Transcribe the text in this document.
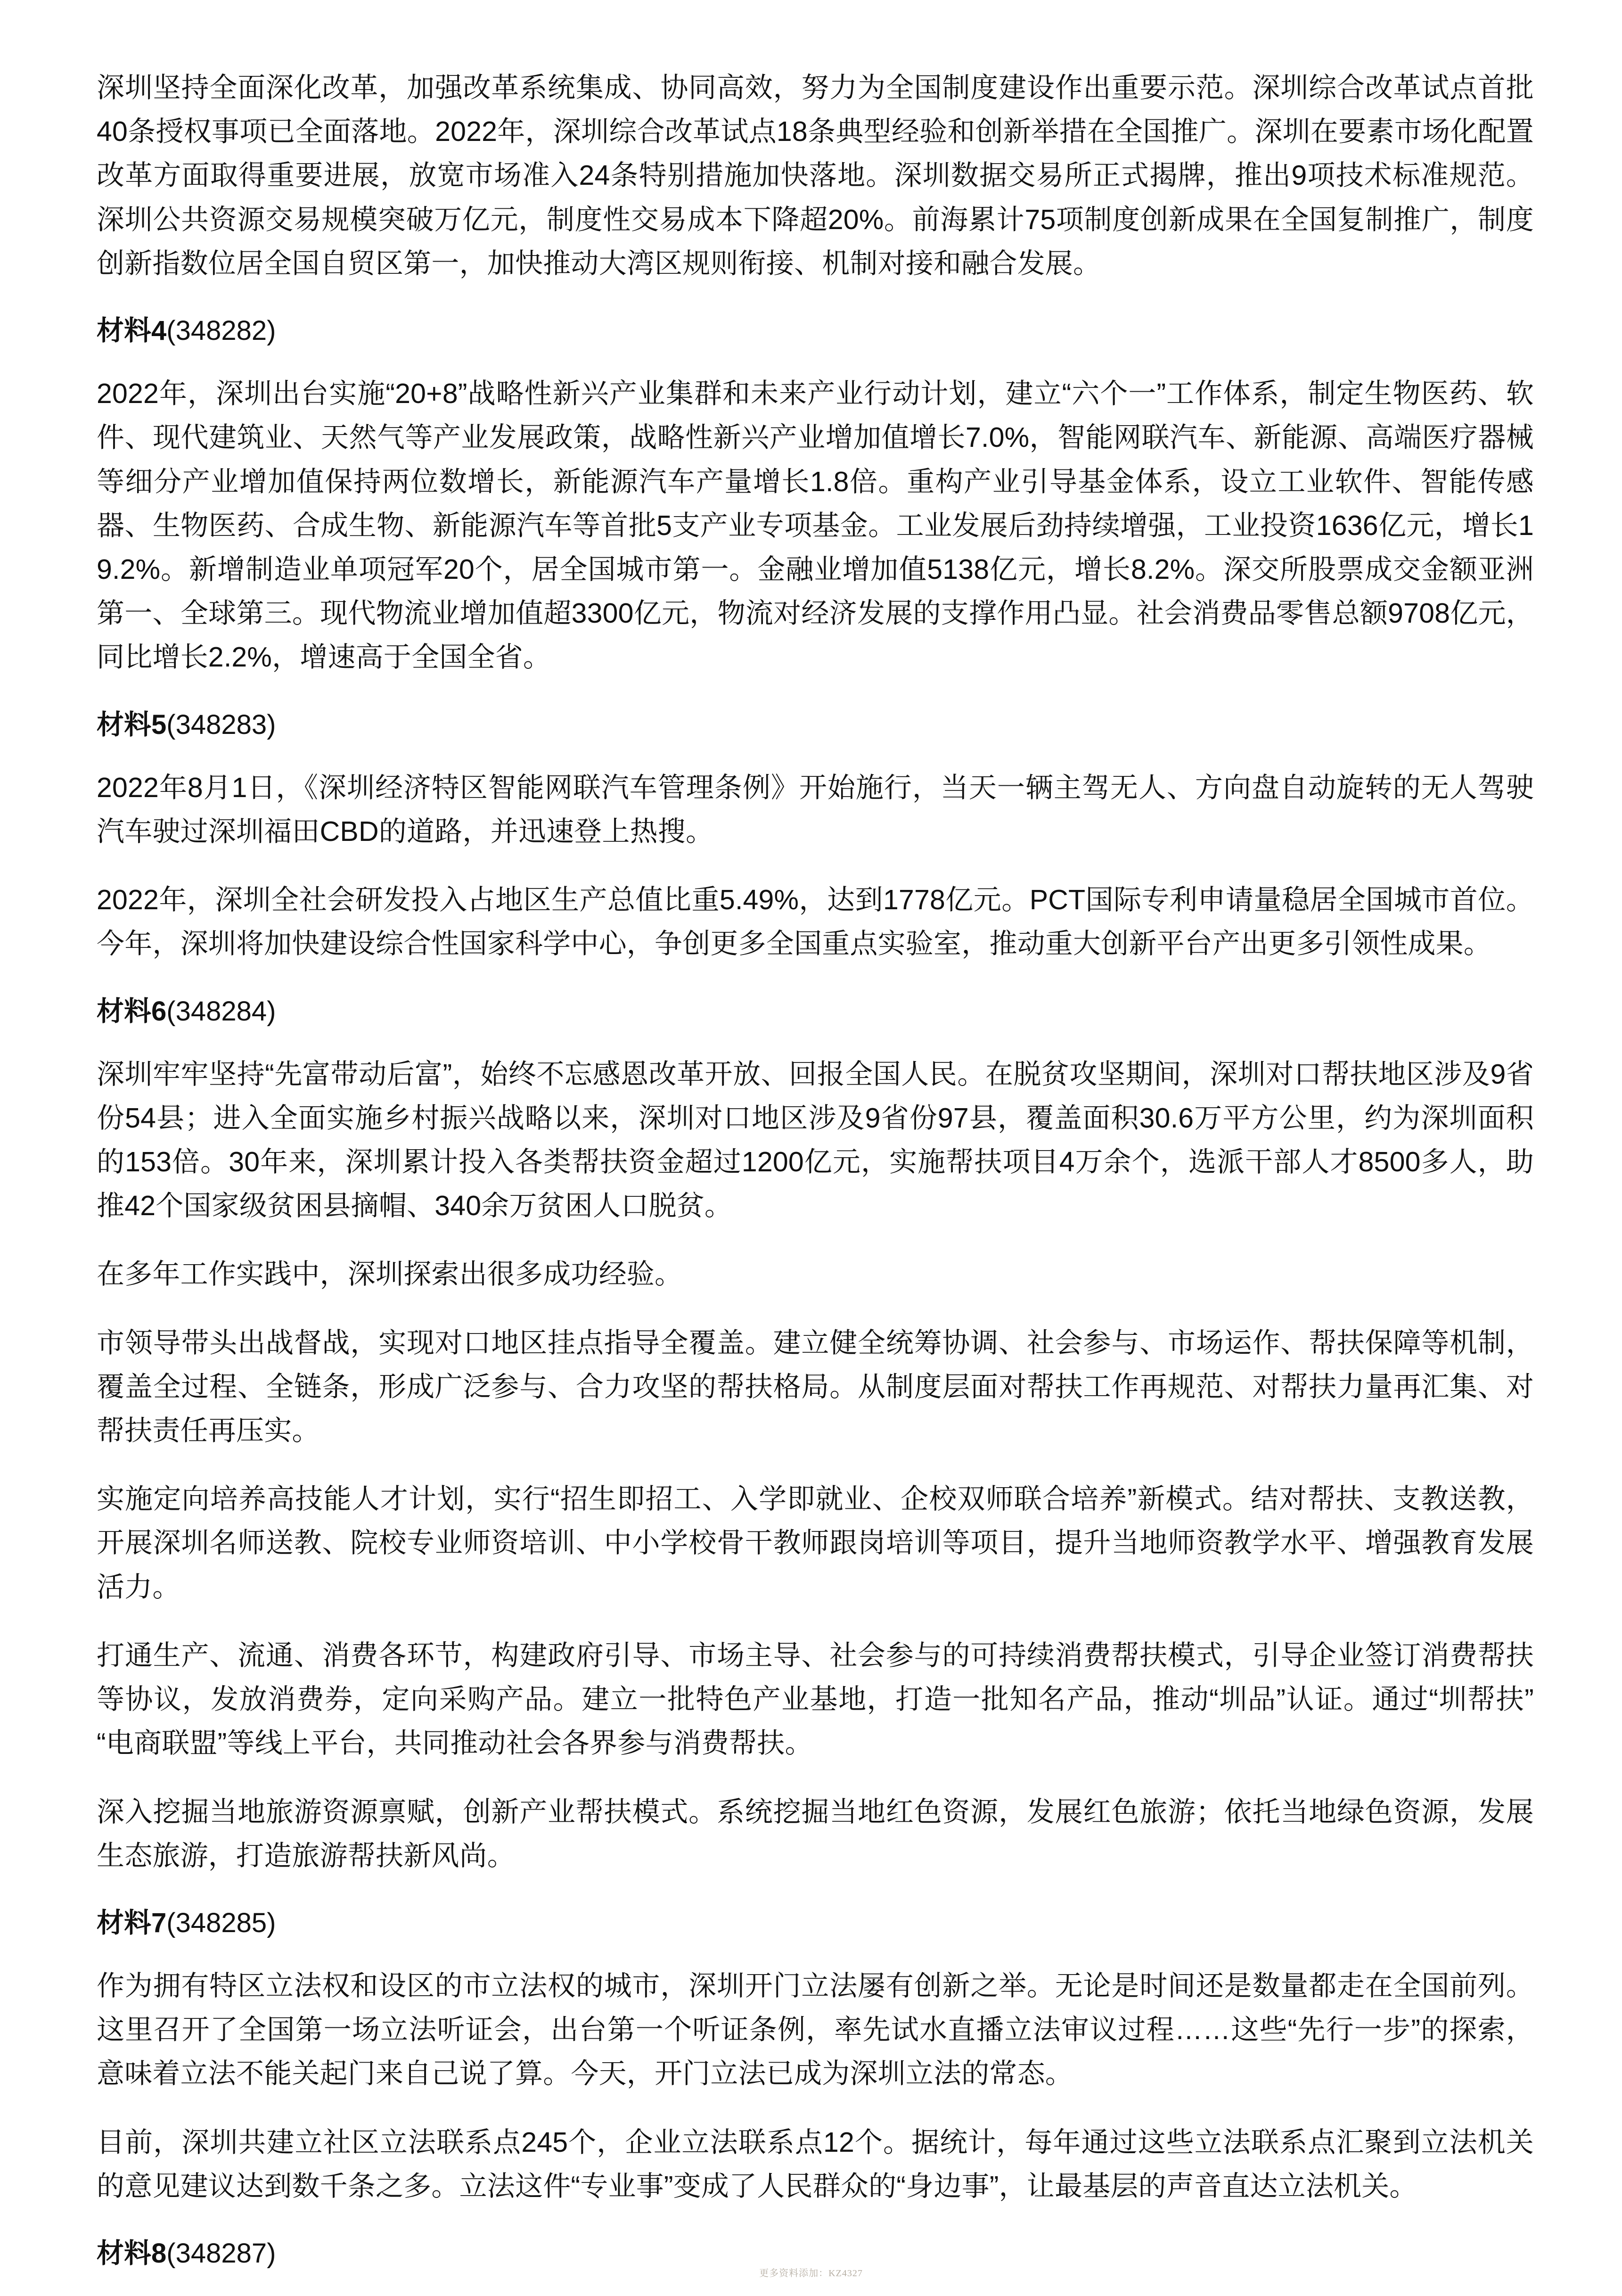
深圳坚持全面深化改革，加强改革系统集成、协同高效，努力为全国制度建设作出重要示范。深圳综合改革试点首批40条授权事项已全面落地。2022年，深圳综合改革试点18条典型经验和创新举措在全国推广。深圳在要素市场化配置改革方面取得重要进展，放宽市场准入24条特别措施加快落地。深圳数据交易所正式揭牌，推出9项技术标准规范。深圳公共资源交易规模突破万亿元，制度性交易成本下降超20%。前海累计75项制度创新成果在全国复制推广，制度创新指数位居全国自贸区第一，加快推动大湾区规则衔接、机制对接和融合发展。

材料4(348282)

2022年，深圳出台实施“20+8”战略性新兴产业集群和未来产业行动计划，建立“六个一”工作体系，制定生物医药、软件、现代建筑业、天然气等产业发展政策，战略性新兴产业增加值增长7.0%，智能网联汽车、新能源、高端医疗器械等细分产业增加值保持两位数增长，新能源汽车产量增长1.8倍。重构产业引导基金体系，设立工业软件、智能传感器、生物医药、合成生物、新能源汽车等首批5支产业专项基金。工业发展后劲持续增强，工业投资1636亿元，增长19.2%。新增制造业单项冠军20个，居全国城市第一。金融业增加值5138亿元，增长8.2%。深交所股票成交金额亚洲第一、全球第三。现代物流业增加值超3300亿元，物流对经济发展的支撑作用凸显。社会消费品零售总额9708亿元，同比增长2.2%，增速高于全国全省。

材料5(348283)

2022年8月1日，《深圳经济特区智能网联汽车管理条例》开始施行，当天一辆主驾无人、方向盘自动旋转的无人驾驶汽车驶过深圳福田CBD的道路，并迅速登上热搜。

2022年，深圳全社会研发投入占地区生产总值比重5.49%，达到1778亿元。PCT国际专利申请量稳居全国城市首位。今年，深圳将加快建设综合性国家科学中心，争创更多全国重点实验室，推动重大创新平台产出更多引领性成果。

材料6(348284)

深圳牢牢坚持“先富带动后富”，始终不忘感恩改革开放、回报全国人民。在脱贫攻坚期间，深圳对口帮扶地区涉及9省份54县；进入全面实施乡村振兴战略以来，深圳对口地区涉及9省份97县，覆盖面积30.6万平方公里，约为深圳面积的153倍。30年来，深圳累计投入各类帮扶资金超过1200亿元，实施帮扶项目4万余个，选派干部人才8500多人，助推42个国家级贫困县摘帽、340余万贫困人口脱贫。

在多年工作实践中，深圳探索出很多成功经验。

市领导带头出战督战，实现对口地区挂点指导全覆盖。建立健全统筹协调、社会参与、市场运作、帮扶保障等机制，覆盖全过程、全链条，形成广泛参与、合力攻坚的帮扶格局。从制度层面对帮扶工作再规范、对帮扶力量再汇集、对帮扶责任再压实。

实施定向培养高技能人才计划，实行“招生即招工、入学即就业、企校双师联合培养”新模式。结对帮扶、支教送教，开展深圳名师送教、院校专业师资培训、中小学校骨干教师跟岗培训等项目，提升当地师资教学水平、增强教育发展活力。

打通生产、流通、消费各环节，构建政府引导、市场主导、社会参与的可持续消费帮扶模式，引导企业签订消费帮扶等协议，发放消费券，定向采购产品。建立一批特色产业基地，打造一批知名产品，推动“圳品”认证。通过“圳帮扶”“电商联盟”等线上平台，共同推动社会各界参与消费帮扶。

深入挖掘当地旅游资源禀赋，创新产业帮扶模式。系统挖掘当地红色资源，发展红色旅游；依托当地绿色资源，发展生态旅游，打造旅游帮扶新风尚。

材料7(348285)

作为拥有特区立法权和设区的市立法权的城市，深圳开门立法屡有创新之举。无论是时间还是数量都走在全国前列。这里召开了全国第一场立法听证会，出台第一个听证条例，率先试水直播立法审议过程……这些“先行一步”的探索，意味着立法不能关起门来自己说了算。今天，开门立法已成为深圳立法的常态。

目前，深圳共建立社区立法联系点245个，企业立法联系点12个。据统计，每年通过这些立法联系点汇聚到立法机关的意见建议达到数千条之多。立法这件“专业事”变成了人民群众的“身边事”，让最基层的声音直达立法机关。

材料8(348287)
更多资料添加：KZ4327
